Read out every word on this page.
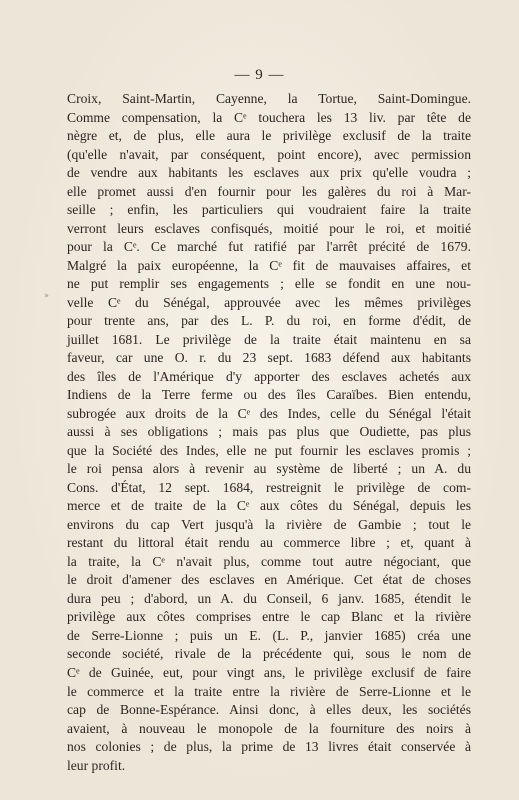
— 9 —
»
Croix, Saint-Martin, Cayenne, la Tortue, Saint-Domingue.
Comme compensation, la Cᵉ touchera les 13 liv. par tête de
nègre et, de plus, elle aura le privilège exclusif de la traite
(qu'elle n'avait, par conséquent, point encore), avec permission
de vendre aux habitants les esclaves aux prix qu'elle voudra ;
elle promet aussi d'en fournir pour les galères du roi à Mar-
seille ; enfin, les particuliers qui voudraient faire la traite
verront leurs esclaves confisqués, moitié pour le roi, et moitié
pour la Cᵉ. Ce marché fut ratifié par l'arrêt précité de 1679.
Malgré la paix européenne, la Cᵉ fit de mauvaises affaires, et
ne put remplir ses engagements ; elle se fondit en une nou-
velle Cᵉ du Sénégal, approuvée avec les mêmes privilèges
pour trente ans, par des L. P. du roi, en forme d'édit, de
juillet 1681. Le privilège de la traite était maintenu en sa
faveur, car une O. r. du 23 sept. 1683 défend aux habitants
des îles de l'Amérique d'y apporter des esclaves achetés aux
Indiens de la Terre ferme ou des îles Caraïbes. Bien entendu,
subrogée aux droits de la Cᵉ des Indes, celle du Sénégal l'était
aussi à ses obligations ; mais pas plus que Oudiette, pas plus
que la Société des Indes, elle ne put fournir les esclaves promis ;
le roi pensa alors à revenir au système de liberté ; un A. du
Cons. d'État, 12 sept. 1684, restreignit le privilège de com-
merce et de traite de la Cᵉ aux côtes du Sénégal, depuis les
environs du cap Vert jusqu'à la rivière de Gambie ; tout le
restant du littoral était rendu au commerce libre ; et, quant à
la traite, la Cᵉ n'avait plus, comme tout autre négociant, que
le droit d'amener des esclaves en Amérique. Cet état de choses
dura peu ; d'abord, un A. du Conseil, 6 janv. 1685, étendit le
privilège aux côtes comprises entre le cap Blanc et la rivière
de Serre-Lionne ; puis un E. (L. P., janvier 1685) créa une
seconde société, rivale de la précédente qui, sous le nom de
Cᵉ de Guinée, eut, pour vingt ans, le privilège exclusif de faire
le commerce et la traite entre la rivière de Serre-Lionne et le
cap de Bonne-Espérance. Ainsi donc, à elles deux, les sociétés
avaient, à nouveau le monopole de la fourniture des noirs à
nos colonies ; de plus, la prime de 13 livres était conservée à
leur profit.
